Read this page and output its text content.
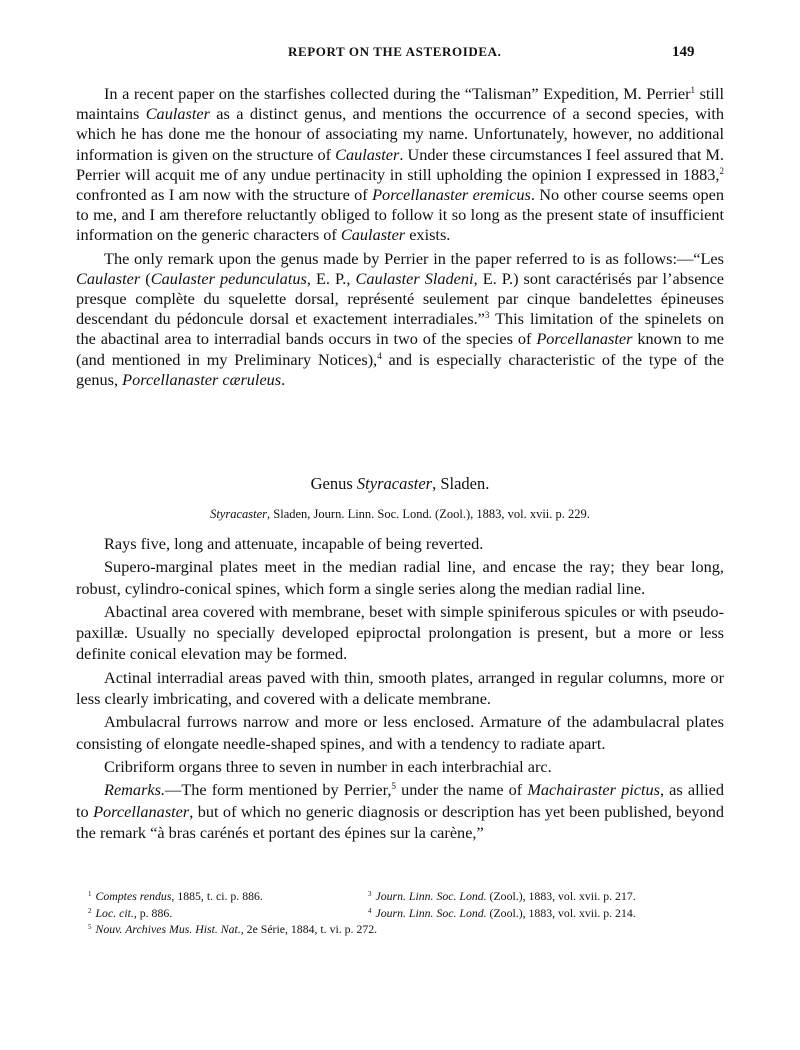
REPORT ON THE ASTEROIDEA.	149

In a recent paper on the starfishes collected during the “Talisman” Expedition, M. Perrier$^1$ still maintains Caulaster as a distinct genus, and mentions the occurrence of a second species, with which he has done me the honour of associating my name. Unfortunately, however, no additional information is given on the structure of Caulaster. Under these circumstances I feel assured that M. Perrier will acquit me of any undue pertinacity in still upholding the opinion I expressed in 1883,$^2$ confronted as I am now with the structure of Porcellanaster eremicus. No other course seems open to me, and I am therefore reluctantly obliged to follow it so long as the present state of insufficient information on the generic characters of Caulaster exists.

The only remark upon the genus made by Perrier in the paper referred to is as follows:—“Les Caulaster (Caulaster pedunculatus, E. P., Caulaster Sladeni, E. P.) sont caractérisés par l’absence presque complète du squelette dorsal, représenté seulement par cinque bandelettes épineuses descendant du pédoncule dorsal et exactement interradiales.”$^3$ This limitation of the spinelets on the abactinal area to interradial bands occurs in two of the species of Porcellanaster known to me (and mentioned in my Preliminary Notices),$^4$ and is especially characteristic of the type of the genus, Porcellanaster cæruleus.

Genus Styracaster, Sladen.
Styracaster, Sladen, Journ. Linn. Soc. Lond. (Zool.), 1883, vol. xvii. p. 229.

Rays five, long and attenuate, incapable of being reverted.

Supero-marginal plates meet in the median radial line, and encase the ray; they bear long, robust, cylindro-conical spines, which form a single series along the median radial line.

Abactinal area covered with membrane, beset with simple spiniferous spicules or with pseudo-paxillæ. Usually no specially developed epiproctal prolongation is present, but a more or less definite conical elevation may be formed.

Actinal interradial areas paved with thin, smooth plates, arranged in regular columns, more or less clearly imbricating, and covered with a delicate membrane.

Ambulacral furrows narrow and more or less enclosed. Armature of the adambulacral plates consisting of elongate needle-shaped spines, and with a tendency to radiate apart.

Cribriform organs three to seven in number in each interbrachial arc.

Remarks.—The form mentioned by Perrier,$^5$ under the name of Machairaster pictus, as allied to Porcellanaster, but of which no generic diagnosis or description has yet been published, beyond the remark “à bras carénés et portant des épines sur la carène,”

$^1$ Comptes rendus, 1885, t. ci. p. 886.	$^3$ Journ. Linn. Soc. Lond. (Zool.), 1883, vol. xvii. p. 217.
$^2$ Loc. cit., p. 886.	$^4$ Journ. Linn. Soc. Lond. (Zool.), 1883, vol. xvii. p. 214.
$^5$ Nouv. Archives Mus. Hist. Nat., 2e Série, 1884, t. vi. p. 272.
